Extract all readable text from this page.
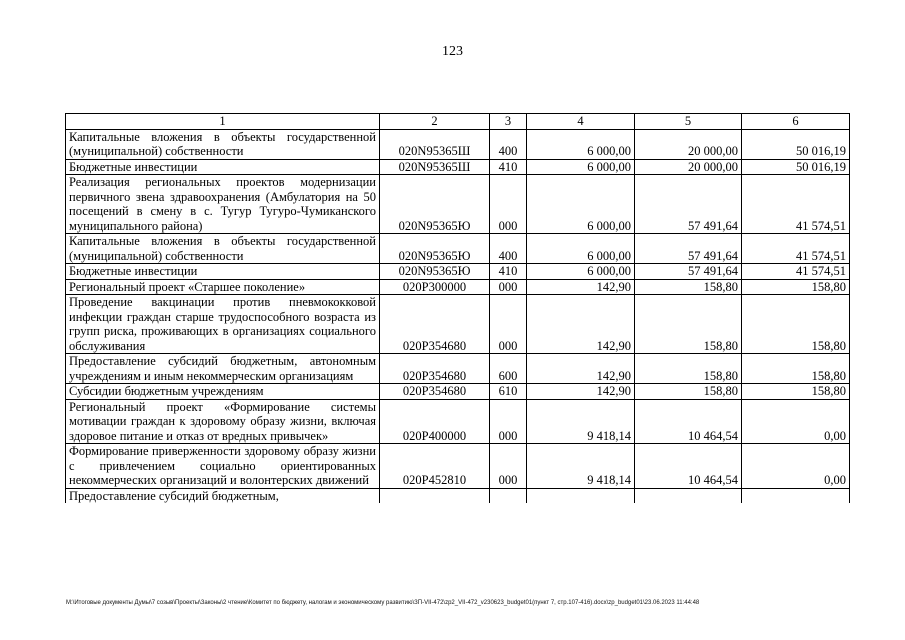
123
1	2	3	4	5	6
Капитальные вложения в объекты государственной (муниципальной) собственности	020N95365Ш	400	6 000,00	20 000,00	50 016,19
Бюджетные инвестиции	020N95365Ш	410	6 000,00	20 000,00	50 016,19
Реализация региональных проектов модернизации первичного звена здравоохранения (Амбулатория на 50 посещений в смену в с. Тугур Тугуро-Чумиканского муниципального района)	020N95365Ю	000	6 000,00	57 491,64	41 574,51
Капитальные вложения в объекты государственной (муниципальной) собственности	020N95365Ю	400	6 000,00	57 491,64	41 574,51
Бюджетные инвестиции	020N95365Ю	410	6 000,00	57 491,64	41 574,51
Региональный проект «Старшее поколение»	020P300000	000	142,90	158,80	158,80
Проведение вакцинации против пневмококковой инфекции граждан старше трудоспособного возраста из групп риска, проживающих в организациях социального обслуживания	020P354680	000	142,90	158,80	158,80
Предоставление субсидий бюджетным, автономным учреждениям и иным некоммерческим организациям	020P354680	600	142,90	158,80	158,80
Субсидии бюджетным учреждениям	020P354680	610	142,90	158,80	158,80
Региональный проект «Формирование системы мотивации граждан к здоровому образу жизни, включая здоровое питание и отказ от вредных привычек»	020P400000	000	9 418,14	10 464,54	0,00
Формирование приверженности здоровому образу жизни с привлечением социально ориентированных некоммерческих организаций и волонтерских движений	020P452810	000	9 418,14	10 464,54	0,00
Предоставление субсидий бюджетным,					
M:\Итоговые документы Думы\7 созыв\Проекты\Законы\2 чтение\Комитет по бюджету, налогам и экономическому развитию\ЗП-VII-472\zp2_VII-472_v230623_budget01(пункт 7, стр.107-416).docx\zp_budget01\23.06.2023 11:44:48
